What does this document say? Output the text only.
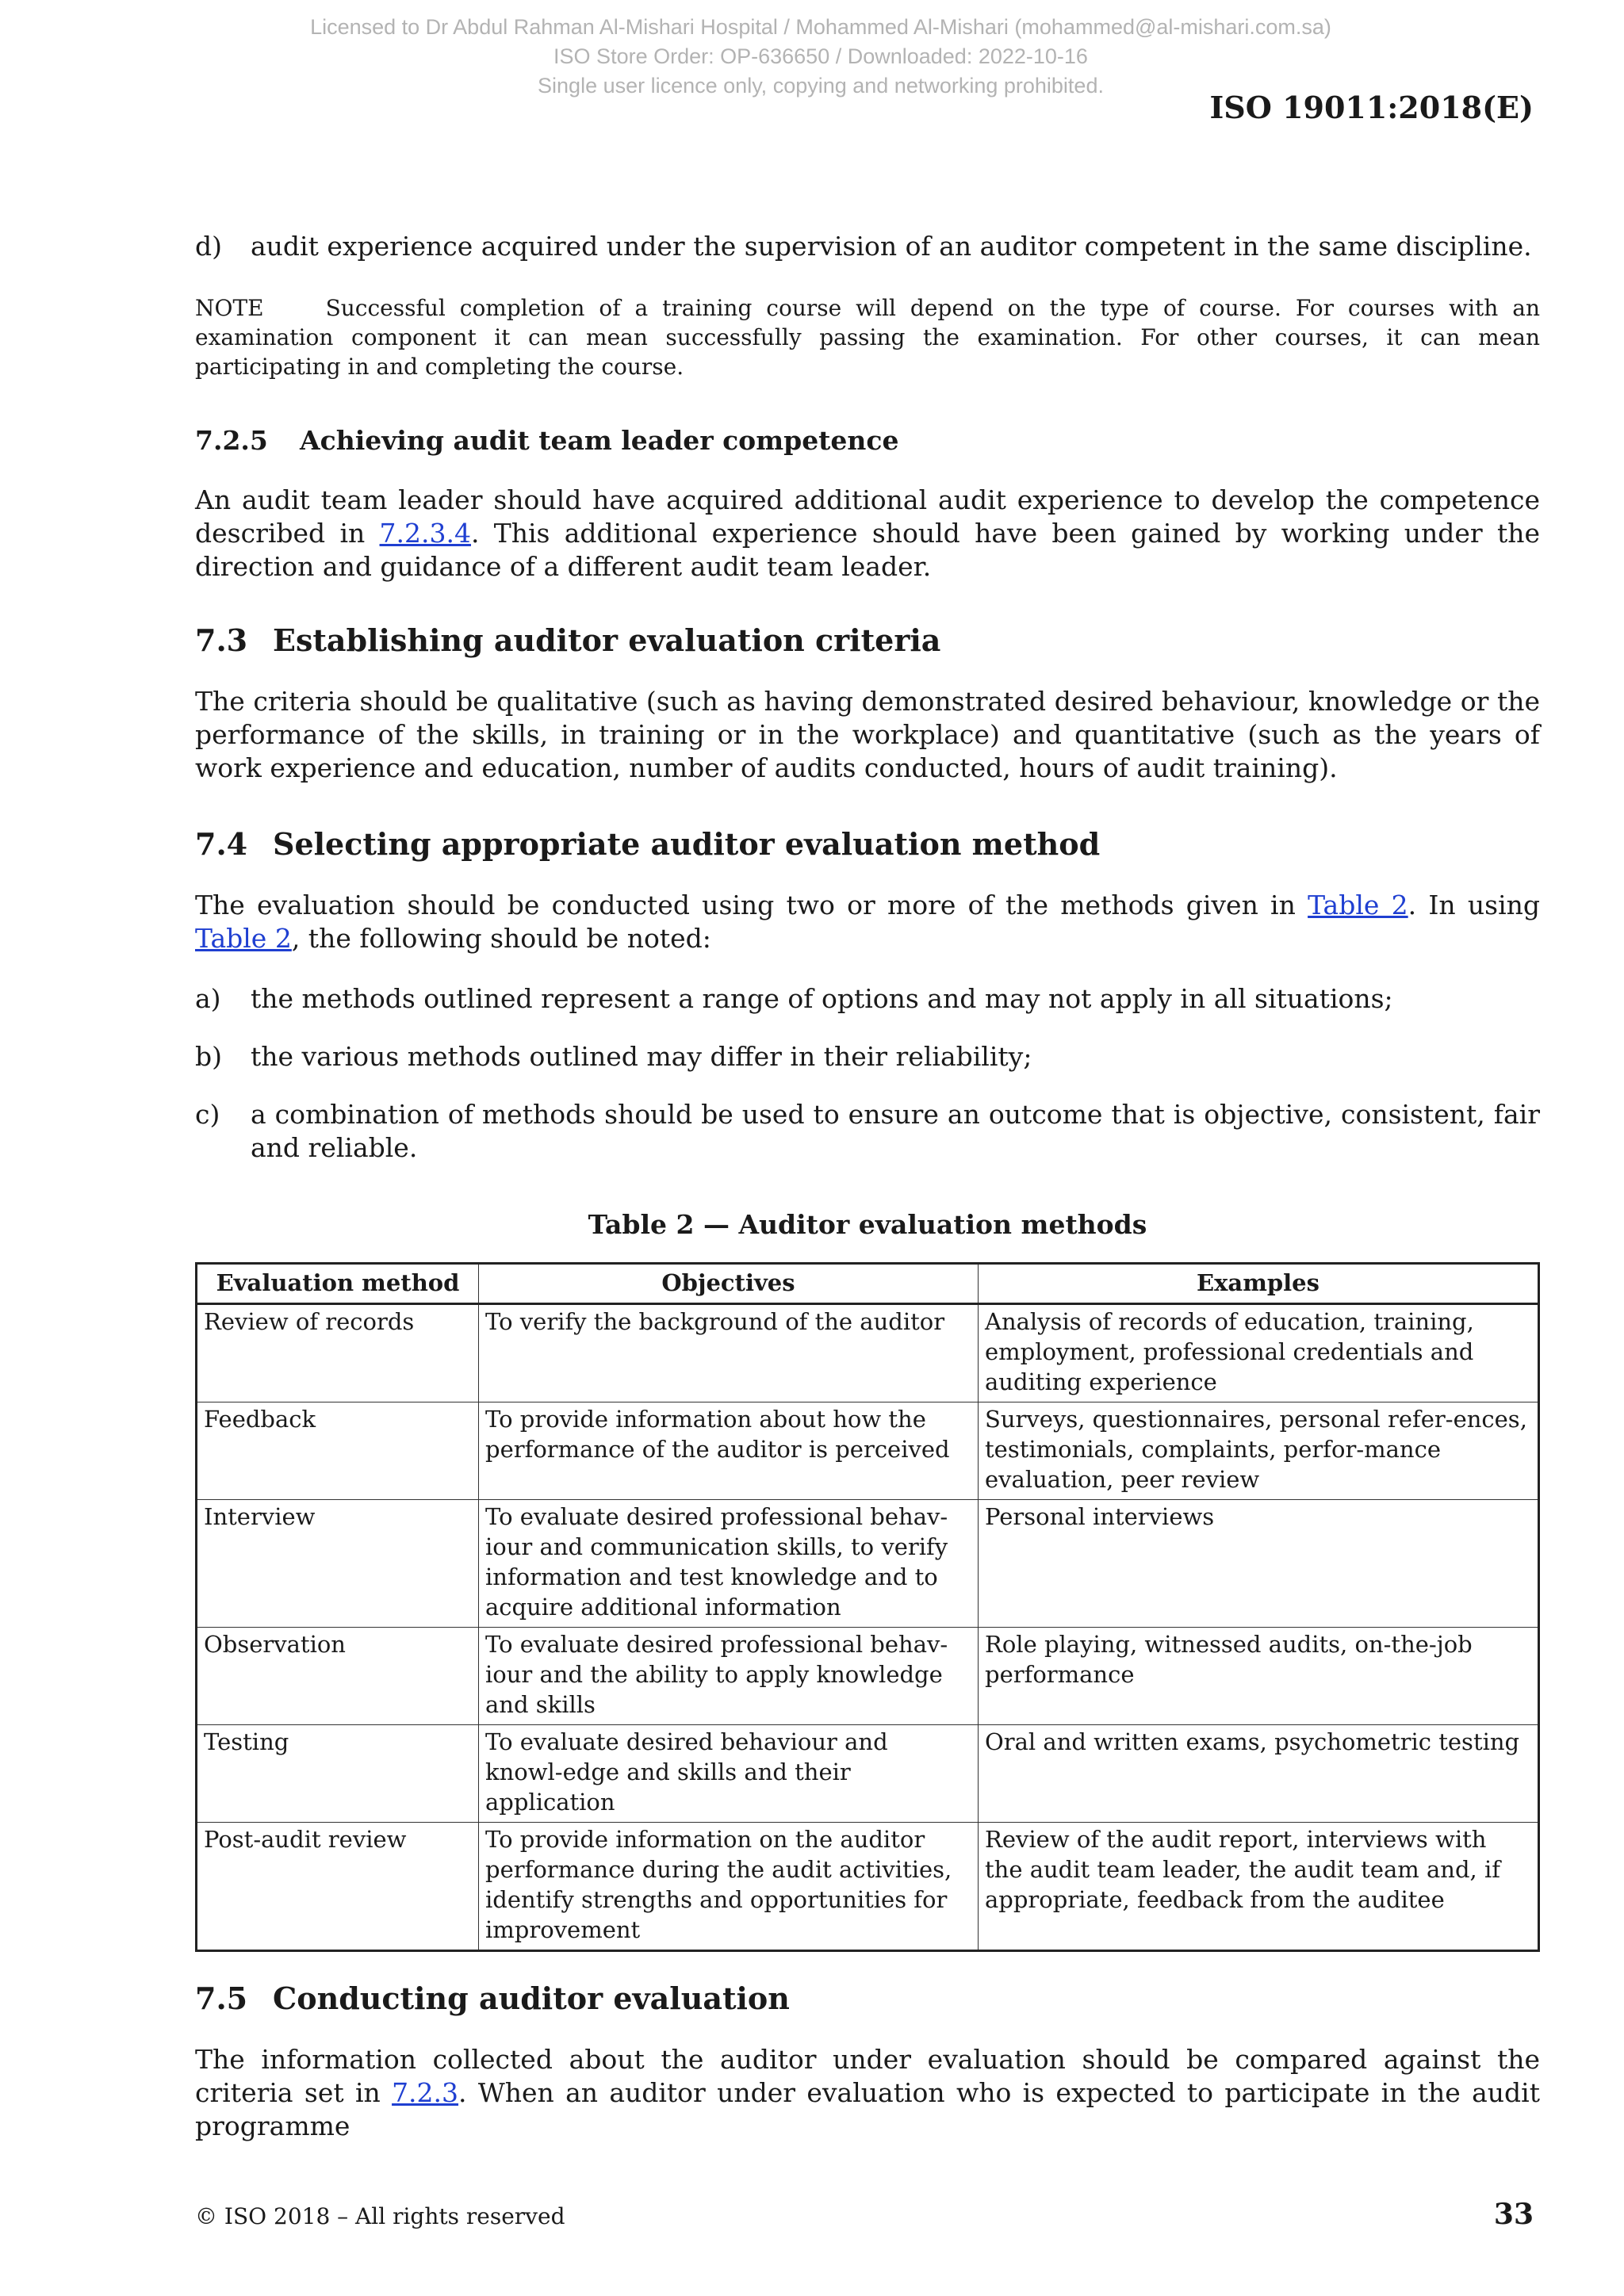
Licensed to Dr Abdul Rahman Al-Mishari Hospital / Mohammed Al-Mishari (mohammed@al-mishari.com.sa)
ISO Store Order: OP-636650 / Downloaded: 2022-10-16
Single user licence only, copying and networking prohibited.
ISO 19011:2018(E)
d) audit experience acquired under the supervision of an auditor competent in the same discipline.

NOTE	Successful completion of a training course will depend on the type of course. For courses with an examination component it can mean successfully passing the examination. For other courses, it can mean participating in and completing the course.

7.2.5 Achieving audit team leader competence

An audit team leader should have acquired additional audit experience to develop the competence described in 7.2.3.4. This additional experience should have been gained by working under the direction and guidance of a different audit team leader.

7.3 Establishing auditor evaluation criteria

The criteria should be qualitative (such as having demonstrated desired behaviour, knowledge or the performance of the skills, in training or in the workplace) and quantitative (such as the years of work experience and education, number of audits conducted, hours of audit training).

7.4 Selecting appropriate auditor evaluation method

The evaluation should be conducted using two or more of the methods given in Table 2. In using Table 2, the following should be noted:

a) the methods outlined represent a range of options and may not apply in all situations;
b) the various methods outlined may differ in their reliability;
c) a combination of methods should be used to ensure an outcome that is objective, consistent, fair and reliable.
Table 2 — Auditor evaluation methods
Evaluation method	Objectives	Examples
Review of records	To verify the background of the auditor	Analysis of records of education, training, employment, professional credentials and auditing experience
Feedback	To provide information about how the performance of the auditor is perceived	Surveys, questionnaires, personal refer-ences, testimonials, complaints, perfor-mance evaluation, peer review
Interview	To evaluate desired professional behav-iour and communication skills, to verify information and test knowledge and to acquire additional information	Personal interviews
Observation	To evaluate desired professional behav-iour and the ability to apply knowledge and skills	Role playing, witnessed audits, on-the-job performance
Testing	To evaluate desired behaviour and knowl-edge and skills and their application	Oral and written exams, psychometric testing
Post-audit review	To provide information on the auditor performance during the audit activities, identify strengths and opportunities for improvement	Review of the audit report, interviews with the audit team leader, the audit team and, if appropriate, feedback from the auditee
7.5 Conducting auditor evaluation

The information collected about the auditor under evaluation should be compared against the criteria set in 7.2.3. When an auditor under evaluation who is expected to participate in the audit programme

© ISO 2018 – All rights reserved	33
